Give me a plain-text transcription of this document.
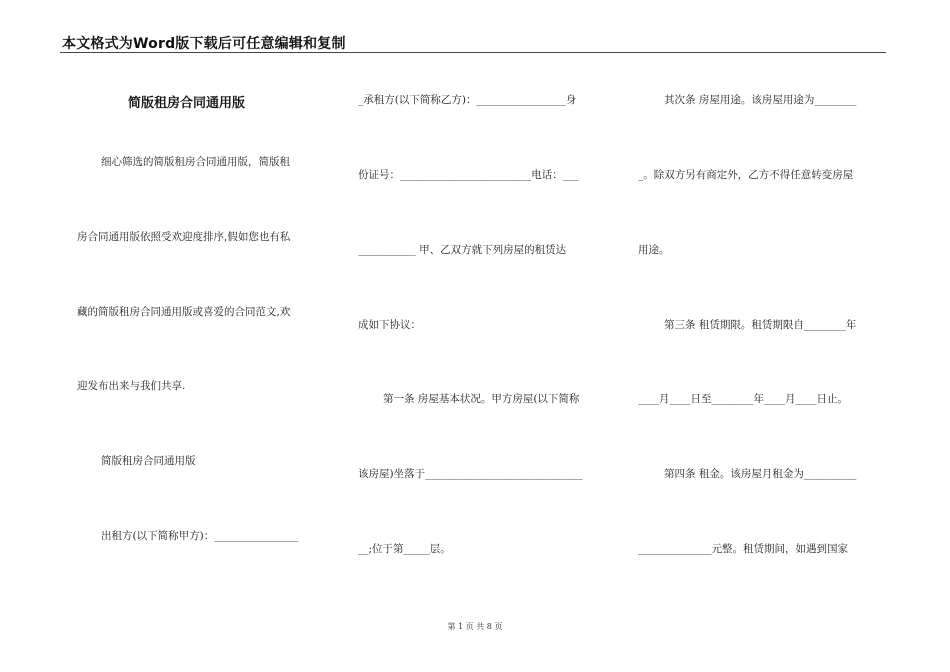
本文格式为Word版下载后可任意编辑和复制
简版租房合同通用版
细心筛选的简版租房合同通用版，简版租
房合同通用版依照受欢迎度排序,假如您也有私
藏的简版租房合同通用版或喜爱的合同范文,欢
迎发布出来与我们共享.
简版租房合同通用版
出租方(以下简称甲方)：________________
_承租方(以下简称乙方)：_________________身
份证号：_________________________电话：___
___________ 甲、乙双方就下列房屋的租赁达
成如下协议：
第一条 房屋基本状况。甲方房屋(以下简称
该房屋)坐落于______________________________
__;位于第_____层。
其次条 房屋用途。该房屋用途为________
_。除双方另有商定外，乙方不得任意转变房屋
用途。
第三条 租赁期限。租赁期限自________年
____月____日至________年____月____日止。
第四条 租金。该房屋月租金为__________
______________元整。租赁期间，如遇到国家
第 1 页 共 8 页
